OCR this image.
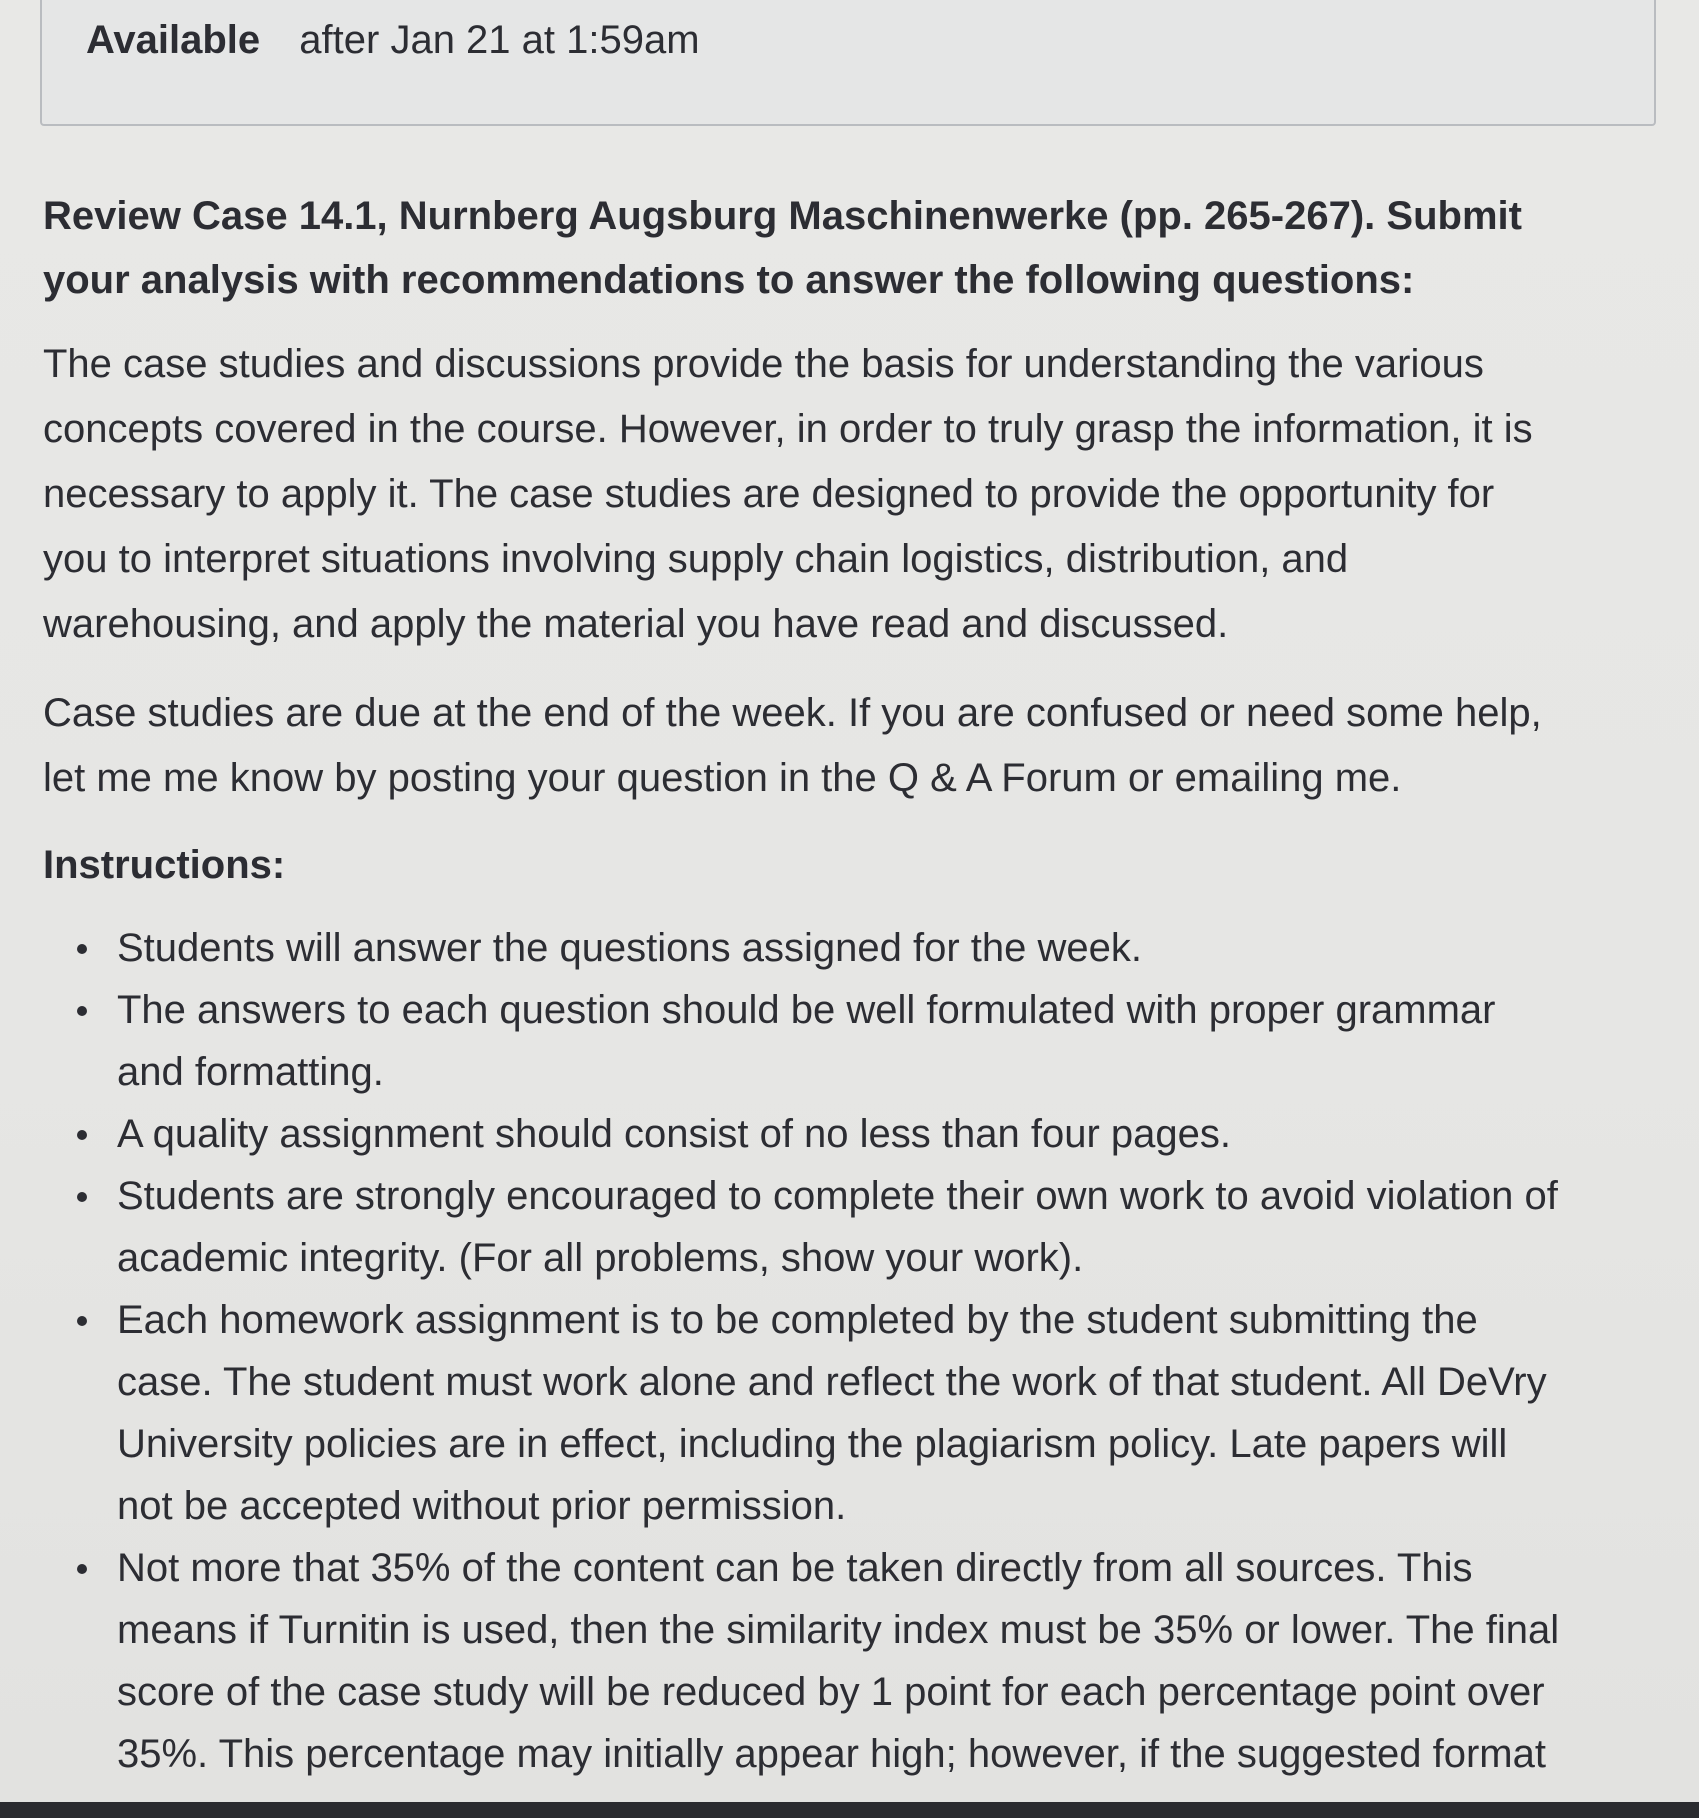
Available after Jan 21 at 1:59am
Review Case 14.1, Nurnberg Augsburg Maschinenwerke (pp. 265-267). Submit
your analysis with recommendations to answer the following questions:
The case studies and discussions provide the basis for understanding the various
concepts covered in the course. However, in order to truly grasp the information, it is
necessary to apply it. The case studies are designed to provide the opportunity for
you to interpret situations involving supply chain logistics, distribution, and
warehousing, and apply the material you have read and discussed.
Case studies are due at the end of the week. If you are confused or need some help,
let me me know by posting your question in the Q & A Forum or emailing me.
Instructions:
Students will answer the questions assigned for the week.
The answers to each question should be well formulated with proper grammar
and formatting.
A quality assignment should consist of no less than four pages.
Students are strongly encouraged to complete their own work to avoid violation of
academic integrity. (For all problems, show your work).
Each homework assignment is to be completed by the student submitting the
case. The student must work alone and reflect the work of that student. All DeVry
University policies are in effect, including the plagiarism policy. Late papers will
not be accepted without prior permission.
Not more that 35% of the content can be taken directly from all sources. This
means if Turnitin is used, then the similarity index must be 35% or lower. The final
score of the case study will be reduced by 1 point for each percentage point over
35%. This percentage may initially appear high; however, if the suggested format
